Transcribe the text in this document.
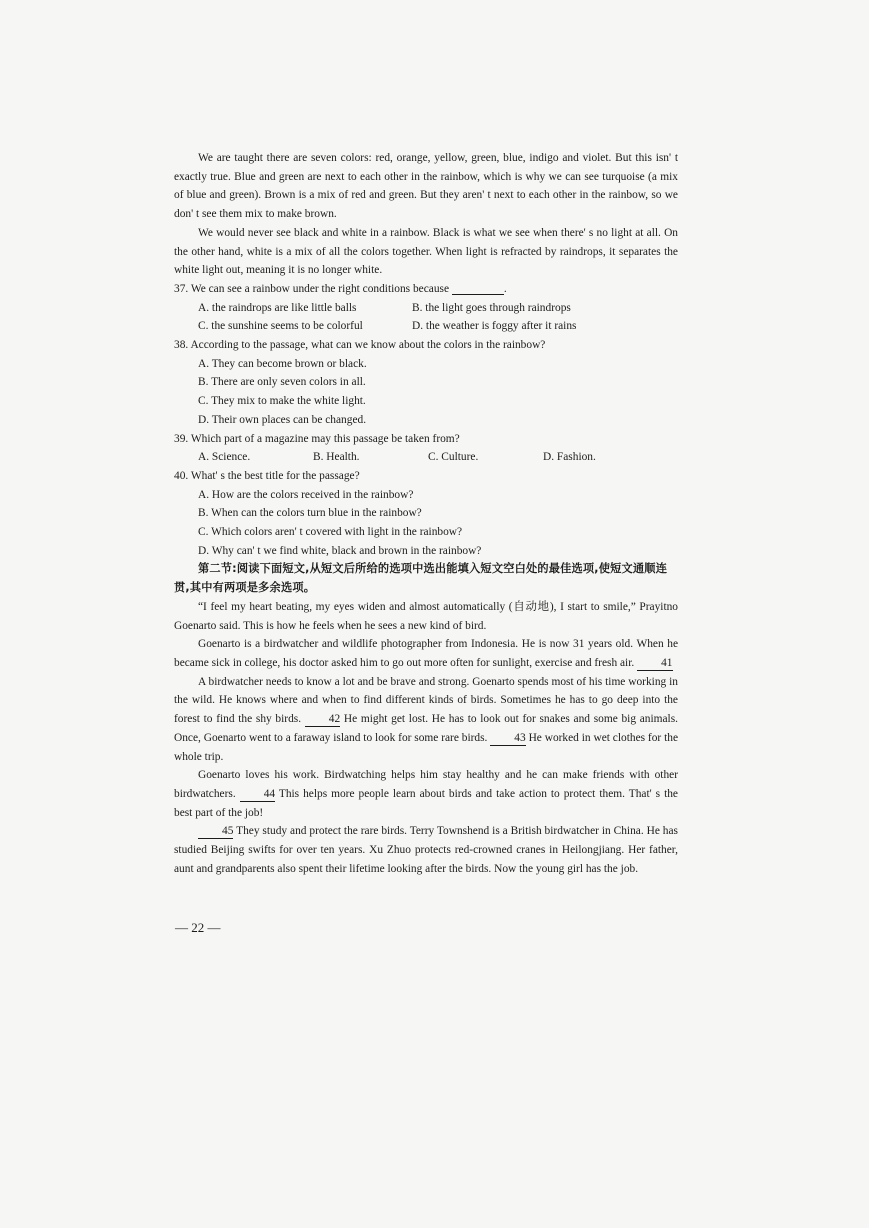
We are taught there are seven colors: red, orange, yellow, green, blue, indigo and violet. But this isn' t exactly true. Blue and green are next to each other in the rainbow, which is why we can see turquoise (a mix of blue and green). Brown is a mix of red and green. But they aren' t next to each other in the rainbow, so we don' t see them mix to make brown.

We would never see black and white in a rainbow. Black is what we see when there' s no light at all. On the other hand, white is a mix of all the colors together. When light is refracted by raindrops, it separates the white light out, meaning it is no longer white.

37. We can see a rainbow under the right conditions because	.
A. the raindrops are like little balls	B. the light goes through raindrops
C. the sunshine seems to be colorful	D. the weather is foggy after it rains
38. According to the passage, what can we know about the colors in the rainbow?
A. They can become brown or black.
B. There are only seven colors in all.
C. They mix to make the white light.
D. Their own places can be changed.
39. Which part of a magazine may this passage be taken from?
A. Science.	B. Health.	C. Culture.	D. Fashion.
40. What' s the best title for the passage?
A. How are the colors received in the rainbow?
B. When can the colors turn blue in the rainbow?
C. Which colors aren' t covered with light in the rainbow?
D. Why can' t we find white, black and brown in the rainbow?
第二节:阅读下面短文,从短文后所给的选项中选出能填入短文空白处的最佳选项,使短文通顺连贯,其中有两项是多余选项。

“I feel my heart beating, my eyes widen and almost automatically (自动地), I start to smile,” Prayitno Goenarto said. This is how he feels when he sees a new kind of bird.

Goenarto is a birdwatcher and wildlife photographer from Indonesia. He is now 31 years old. When he became sick in college, his doctor asked him to go out more often for sunlight, exercise and fresh air. 41

A birdwatcher needs to know a lot and be brave and strong. Goenarto spends most of his time working in the wild. He knows where and when to find different kinds of birds. Sometimes he has to go deep into the forest to find the shy birds. 42 He might get lost. He has to look out for snakes and some big animals. Once, Goenarto went to a faraway island to look for some rare birds. 43 He worked in wet clothes for the whole trip.

Goenarto loves his work. Birdwatching helps him stay healthy and he can make friends with other birdwatchers. 44 This helps more people learn about birds and take action to protect them. That' s the best part of the job!

45 They study and protect the rare birds. Terry Townshend is a British birdwatcher in China. He has studied Beijing swifts for over ten years. Xu Zhuo protects red-crowned cranes in Heilongjiang. Her father, aunt and grandparents also spent their lifetime looking after the birds. Now the young girl has the job.

— 22 —
